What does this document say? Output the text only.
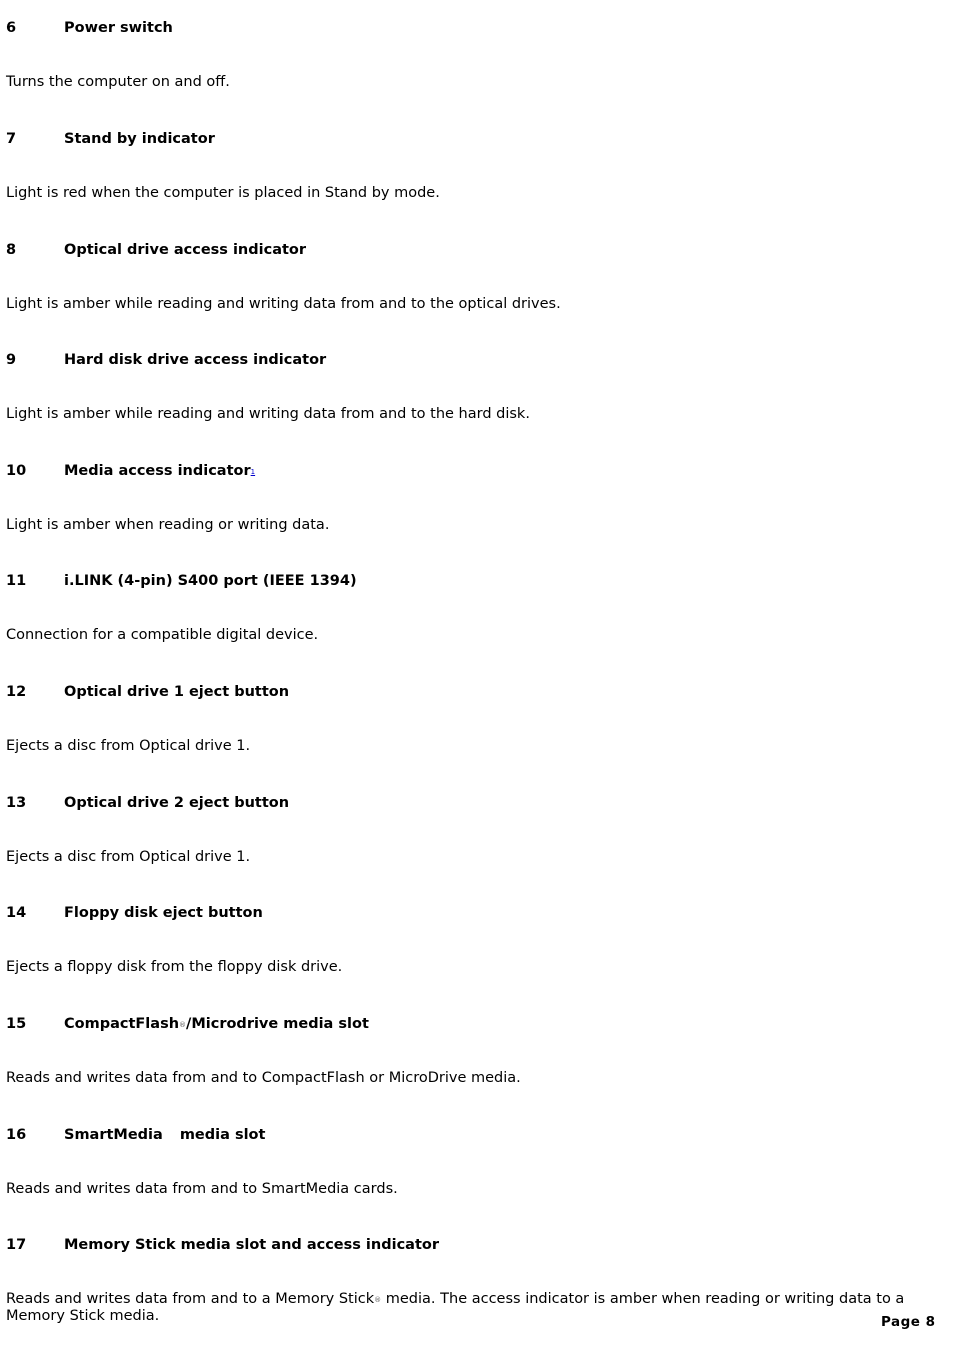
6	Power switch
Turns the computer on and off.
7	Stand by indicator
Light is red when the computer is placed in Stand by mode.
8	Optical drive access indicator
Light is amber while reading and writing data from and to the optical drives.
9	Hard disk drive access indicator
Light is amber while reading and writing data from and to the hard disk.
10	Media access indicator1
Light is amber when reading or writing data.
11	i.LINK (4-pin) S400 port (IEEE 1394)
Connection for a compatible digital device.
12	Optical drive 1 eject button
Ejects a disc from Optical drive 1.
13	Optical drive 2 eject button
Ejects a disc from Optical drive 1.
14	Floppy disk eject button
Ejects a floppy disk from the floppy disk drive.
15	CompactFlash®/Microdrive media slot
Reads and writes data from and to CompactFlash or MicroDrive media.
16	SmartMedia media slot
Reads and writes data from and to SmartMedia cards.
17	Memory Stick media slot and access indicator
Reads and writes data from and to a Memory Stick® media. The access indicator is amber when reading or writing data to a Memory Stick media.	Page 8
